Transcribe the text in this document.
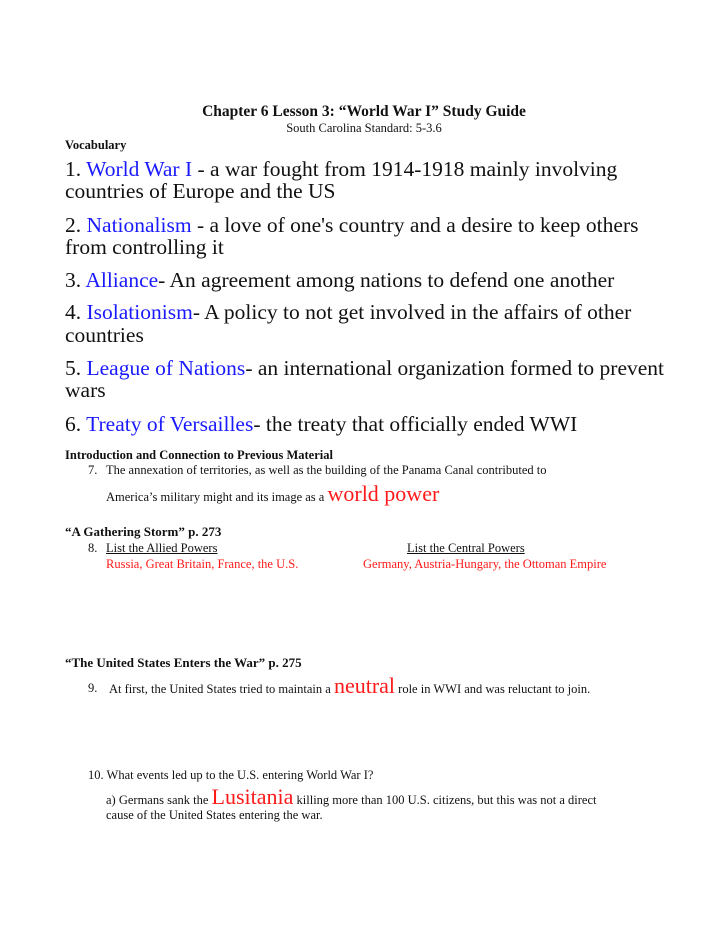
Chapter 6 Lesson 3: “World War I” Study Guide
South Carolina Standard: 5-3.6
Vocabulary
1. World War I - a war fought from 1914-1918 mainly involving
countries of Europe and the US
2. Nationalism - a love of one's country and a desire to keep others
from controlling it
3. Alliance- An agreement among nations to defend one another
4. Isolationism- A policy to not get involved in the affairs of other
countries
5. League of Nations- an international organization formed to prevent
wars
6. Treaty of Versailles- the treaty that officially ended WWI
Introduction and Connection to Previous Material
7. The annexation of territories, as well as the building of the Panama Canal contributed to
America’s military might and its image as a world power
“A Gathering Storm” p. 273
8. List the Allied Powers
Russia, Great Britain, France, the U.S.
List the Central Powers
Germany, Austria-Hungary, the Ottoman Empire
“The United States Enters the War” p. 275
9. At first, the United States tried to maintain a neutral role in WWI and was reluctant to join.
10. What events led up to the U.S. entering World War I?
a) Germans sank the Lusitania killing more than 100 U.S. citizens, but this was not a direct
cause of the United States entering the war.
